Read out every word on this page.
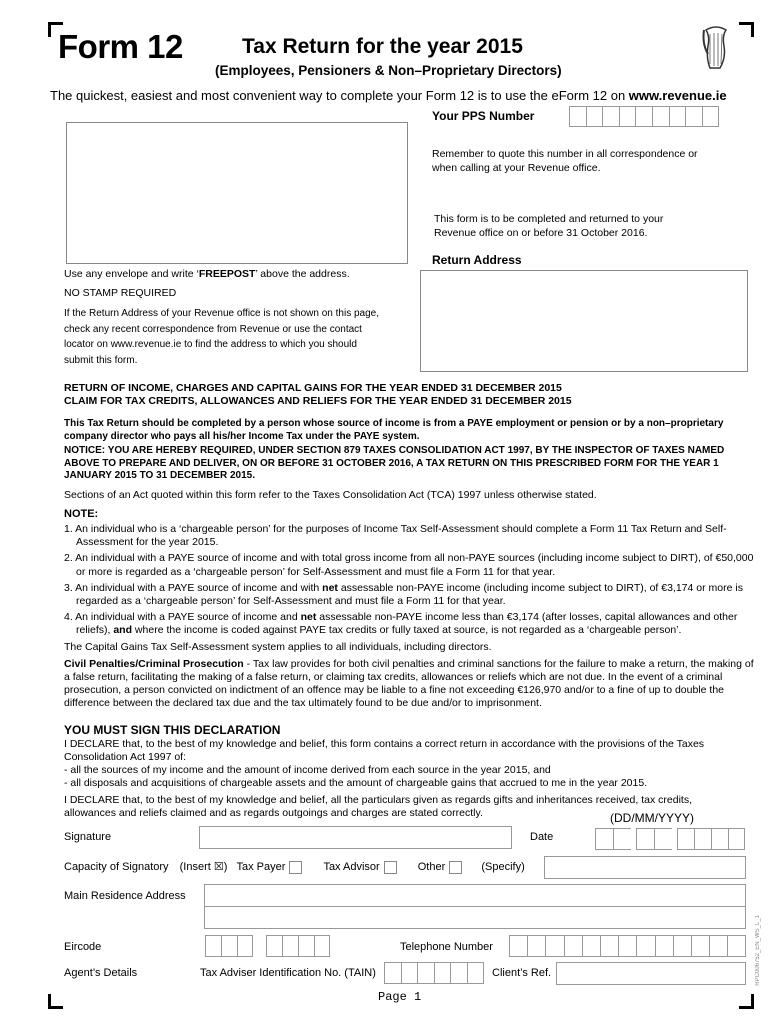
Form 12	Tax Return for the year 2015
(Employees, Pensioners & Non–Proprietary Directors)
The quickest, easiest and most convenient way to complete your Form 12 is to use the eForm 12 on www.revenue.ie
Your PPS Number
Remember to quote this number in all correspondence or when calling at your Revenue office.
This form is to be completed and returned to your Revenue office on or before 31 October 2016.
Return Address
Use any envelope and write ‘FREEPOST’ above the address.
NO STAMP REQUIRED
If the Return Address of your Revenue office is not shown on this page, check any recent correspondence from Revenue or use the contact locator on www.revenue.ie to find the address to which you should submit this form.
RETURN OF INCOME, CHARGES AND CAPITAL GAINS FOR THE YEAR ENDED 31 DECEMBER 2015
CLAIM FOR TAX CREDITS, ALLOWANCES AND RELIEFS FOR THE YEAR ENDED 31 DECEMBER 2015
This Tax Return should be completed by a person whose source of income is from a PAYE employment or pension or by a non–proprietary company director who pays all his/her Income Tax under the PAYE system.
NOTICE: YOU ARE HEREBY REQUIRED, UNDER SECTION 879 TAXES CONSOLIDATION ACT 1997, BY THE INSPECTOR OF TAXES NAMED ABOVE TO PREPARE AND DELIVER, ON OR BEFORE 31 OCTOBER 2016, A TAX RETURN ON THIS PRESCRIBED FORM FOR THE YEAR 1 JANUARY 2015 TO 31 DECEMBER 2015.
Sections of an Act quoted within this form refer to the Taxes Consolidation Act (TCA) 1997 unless otherwise stated.
NOTE:
1. An individual who is a ‘chargeable person’ for the purposes of Income Tax Self-Assessment should complete a Form 11 Tax Return and Self-Assessment for the year 2015.
2. An individual with a PAYE source of income and with total gross income from all non-PAYE sources (including income subject to DIRT), of €50,000 or more is regarded as a ‘chargeable person’ for Self-Assessment and must file a Form 11 for that year.
3. An individual with a PAYE source of income and with net assessable non-PAYE income (including income subject to DIRT), of €3,174 or more is regarded as a ‘chargeable person’ for Self-Assessment and must file a Form 11 for that year.
4. An individual with a PAYE source of income and net assessable non-PAYE income less than €3,174 (after losses, capital allowances and other reliefs), and where the income is coded against PAYE tax credits or fully taxed at source, is not regarded as a ‘chargeable person’.
The Capital Gains Tax Self-Assessment system applies to all individuals, including directors.
Civil Penalties/Criminal Prosecution - Tax law provides for both civil penalties and criminal sanctions for the failure to make a return, the making of a false return, facilitating the making of a false return, or claiming tax credits, allowances or reliefs which are not due. In the event of a criminal prosecution, a person convicted on indictment of an offence may be liable to a fine not exceeding €126,970 and/or to a fine of up to double the difference between the declared tax due and the tax ultimately found to be due and/or to imprisonment.
YOU MUST SIGN THIS DECLARATION
I DECLARE that, to the best of my knowledge and belief, this form contains a correct return in accordance with the provisions of the Taxes Consolidation Act 1997 of:
- all the sources of my income and the amount of income derived from each source in the year 2015, and
- all disposals and acquisitions of chargeable assets and the amount of chargeable gains that accrued to me in the year 2015.
I DECLARE that, to the best of my knowledge and belief, all the particulars given as regards gifts and inheritances received, tax credits, allowances and reliefs claimed and as regards outgoings and charges are stated correctly.	(DD/MM/YYYY)
Signature	Date
Capacity of Signatory (Insert ☒) Tax Payer	Tax Advisor	Other	(Specify)
Main Residence Address
Eircode	Telephone Number
Agent’s Details	Tax Adviser Identification No. (TAIN)	Client’s Ref.
Page 1
RPC006752_EN_WS_L_1
